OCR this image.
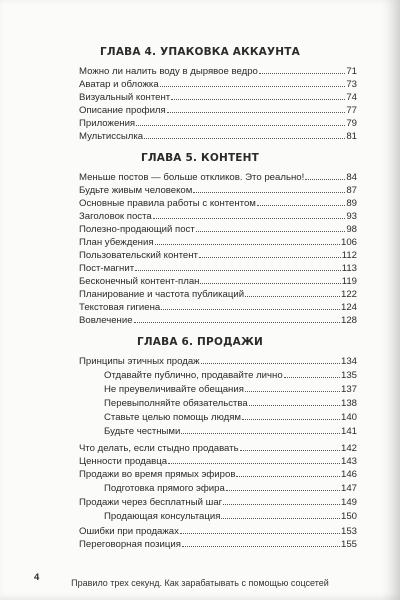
ГЛАВА 4. УПАКОВКА АККАУНТА
Можно ли налить воду в дырявое ведро	71
Аватар и обложка	73
Визуальный контент	74
Описание профиля	77
Приложения	79
Мультиссылка	81
ГЛАВА 5. КОНТЕНТ
Меньше постов — больше откликов. Это реально!	84
Будьте живым человеком	87
Основные правила работы с контентом	89
Заголовок поста	93
Полезно-продающий пост	98
План убеждения	106
Пользовательский контент	112
Пост-магнит	113
Бесконечный контент-план	119
Планирование и частота публикаций	122
Текстовая гигиена	124
Вовлечение	128
ГЛАВА 6. ПРОДАЖИ
Принципы этичных продаж	134
Отдавайте публично, продавайте лично	135
Не преувеличивайте обещания	137
Перевыполняйте обязательства	138
Ставьте целью помощь людям	140
Будьте честными	141
Что делать, если стыдно продавать	142
Ценности продавца	143
Продажи во время прямых эфиров	146
Подготовка прямого эфира	147
Продажи через бесплатный шаг	149
Продающая консультация	150
Ошибки при продажах	153
Переговорная позиция	155
4	Правило трех секунд. Как зарабатывать с помощью соцсетей
